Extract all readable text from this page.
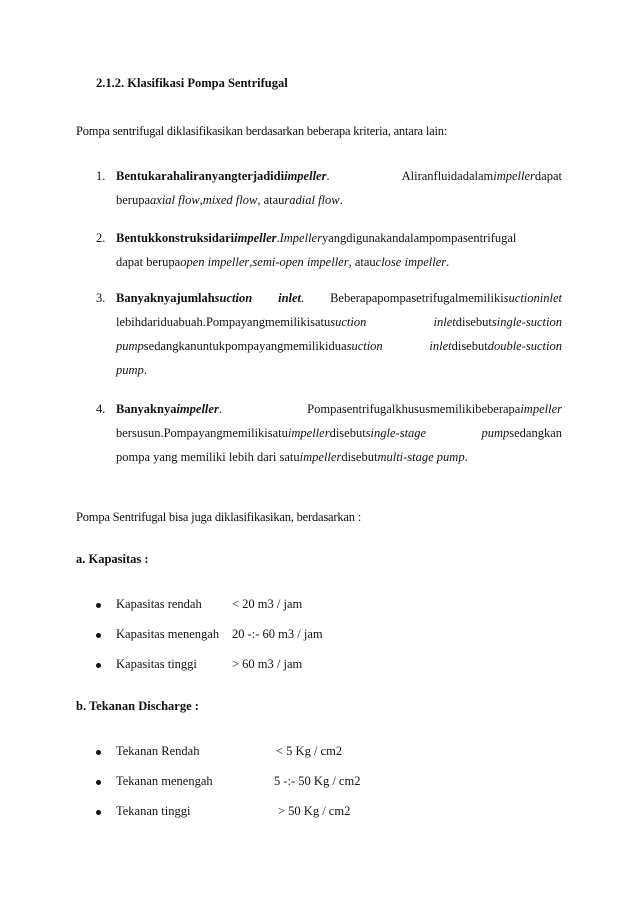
2.1.2. Klasifikasi Pompa Sentrifugal
Pompa sentrifugal diklasifikasikan berdasarkan beberapa kriteria, antara lain:
1. Bentukarahaliranyangterjadidiimpeller. Aliranfluidadalamimpellerdapat
berupaaxial flow,mixed flow, atauradial flow.
2. Bentukkonstruksidariimpeller.Impelleryangdigunakandalampompasentrifugal
dapat berupaopen impeller,semi-open impeller, atauclose impeller.
3. Banyaknyajumlahsuction inlet. Beberapapompasetrifugalmemilikisuctioninlet
lebihdariduabuah.Pompayangmemilikisatusuction inletdisebutsingle-suction
pumpsedangkanuntukpompayangmemilikiduasuction inletdisebutdouble-suction
pump.
4. Banyaknyaimpeller. Pompasentrifugalkhususmemilikibeberapaimpeller
bersusun.Pompayangmemilikisatuimpellerdisebutsingle-stage pumpsedangkan
pompa yang memiliki lebih dari satuimpellerdisebutmulti-stage pump.
Pompa Sentrifugal bisa juga diklasifikasikan, berdasarkan :
a. Kapasitas :
Kapasitas rendah < 20 m3 / jam
Kapasitas menengah 20 -:- 60 m3 / jam
Kapasitas tinggi	> 60 m3 / jam
b. Tekanan Discharge :
Tekanan Rendah	< 5 Kg / cm2
Tekanan menengah	5 -:- 50 Kg / cm2
Tekanan tinggi	> 50 Kg / cm2
